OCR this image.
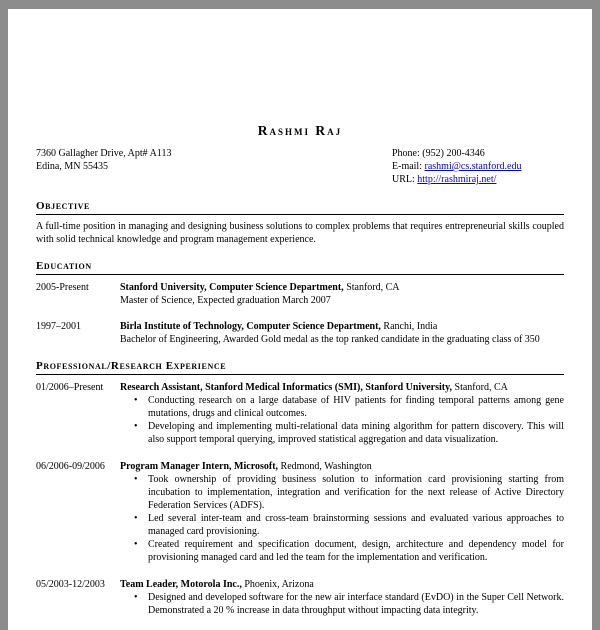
Rashmi Raj
7360 Gallagher Drive, Apt# A113
Edina, MN 55435
Phone: (952) 200-4346
E-mail: rashmi@cs.stanford.edu
URL: http://rashmiraj.net/
Objective

A full-time position in managing and designing business solutions to complex problems that requires entrepreneurial skills coupled with solid technical knowledge and program management experience.

Education
2005-Present	Stanford University, Computer Science Department, Stanford, CA
Master of Science, Expected graduation March 2007
1997–2001	Birla Institute of Technology, Computer Science Department, Ranchi, India
Bachelor of Engineering, Awarded Gold medal as the top ranked candidate in the graduating class of 350
Professional/Research Experience
01/2006–Present	Research Assistant, Stanford Medical Informatics (SMI), Stanford University, Stanford, CA
• Conducting research on a large database of HIV patients for finding temporal patterns among gene mutations, drugs and clinical outcomes.
• Developing and implementing multi-relational data mining algorithm for pattern discovery. This will also support temporal querying, improved statistical aggregation and data visualization.
06/2006-09/2006	Program Manager Intern, Microsoft, Redmond, Washington
• Took ownership of providing business solution to information card provisioning starting from incubation to implementation, integration and verification for the next release of Active Directory Federation Services (ADFS).
• Led several inter-team and cross-team brainstorming sessions and evaluated various approaches to managed card provisioning.
• Created requirement and specification document, design, architecture and dependency model for provisioning managed card and led the team for the implementation and verification.
05/2003-12/2003	Team Leader, Motorola Inc., Phoenix, Arizona
• Designed and developed software for the new air interface standard (EvDO) in the Super Cell Network. Demonstrated a 20 % increase in data throughput without impacting data integrity.
